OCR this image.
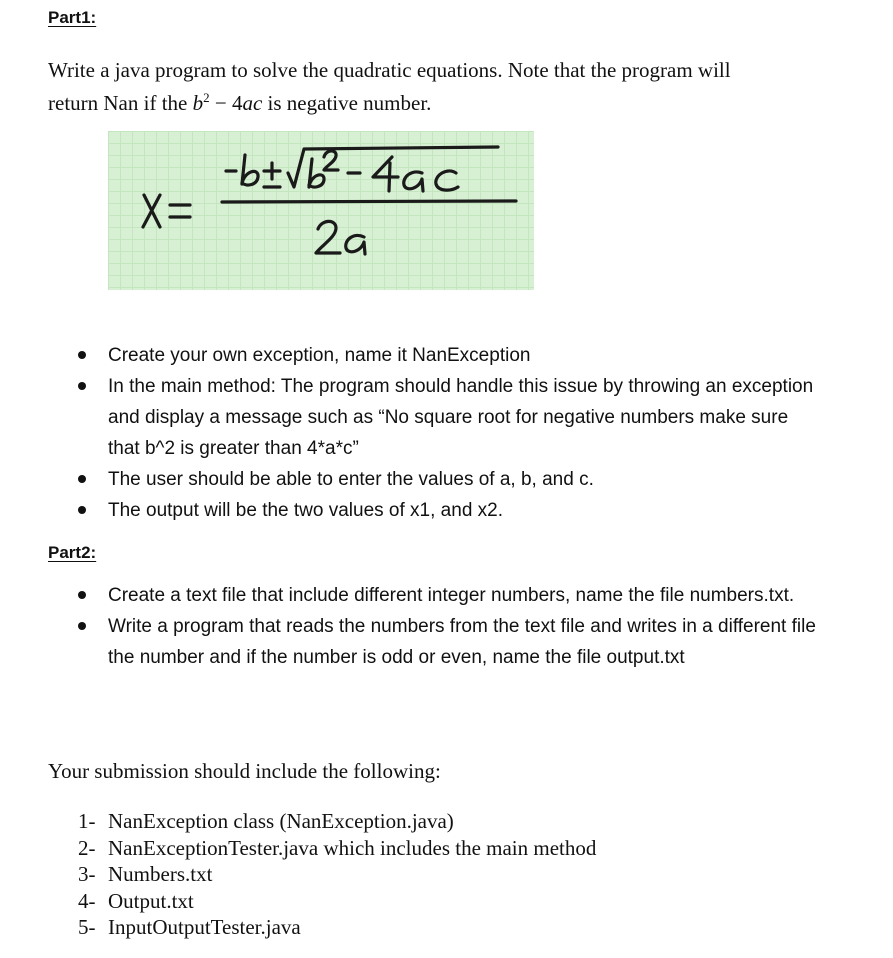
Part1:
Write a java program to solve the quadratic equations. Note that the program will
return Nan if the $b^2 - 4ac$ is negative number.
Create your own exception, name it NanException
In the main method: The program should handle this issue by throwing an exception and display a message such as “No square root for negative numbers make sure that b^2 is greater than 4*a*c”
The user should be able to enter the values of a, b, and c.
The output will be the two values of x1, and x2.
Part2:
Create a text file that include different integer numbers, name the file numbers.txt.
Write a program that reads the numbers from the text file and writes in a different file the number and if the number is odd or even, name the file output.txt
Your submission should include the following:
1- NanException class (NanException.java)
2- NanExceptionTester.java which includes the main method
3- Numbers.txt
4- Output.txt
5- InputOutputTester.java
